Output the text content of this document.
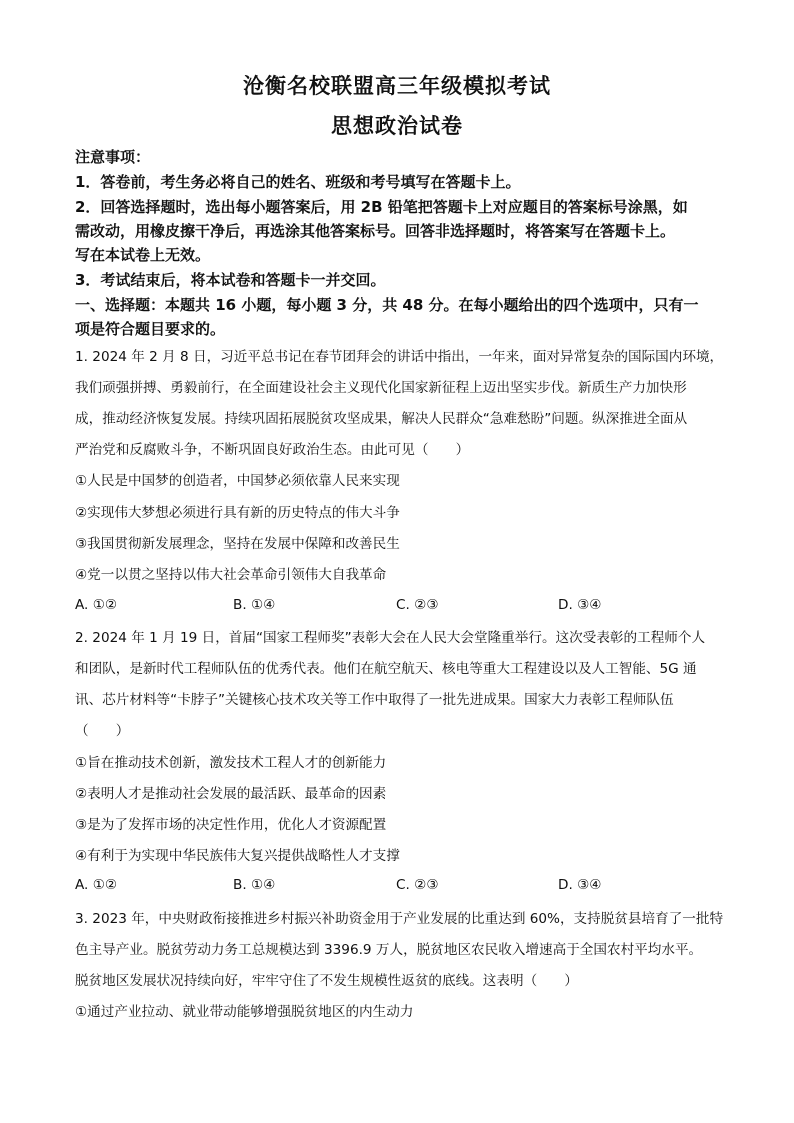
沧衡名校联盟高三年级模拟考试
思想政治试卷
注意事项：
1．答卷前，考生务必将自己的姓名、班级和考号填写在答题卡上。
2．回答选择题时，选出每小题答案后，用 2B 铅笔把答题卡上对应题目的答案标号涂黑，如
需改动，用橡皮擦干净后，再选涂其他答案标号。回答非选择题时，将答案写在答题卡上。
写在本试卷上无效。
3．考试结束后，将本试卷和答题卡一并交回。
一、选择题：本题共 16 小题，每小题 3 分，共 48 分。在每小题给出的四个选项中，只有一
项是符合题目要求的。
1. 2024 年 2 月 8 日，习近平总书记在春节团拜会的讲话中指出，一年来，面对异常复杂的国际国内环境，
我们顽强拼搏、勇毅前行，在全面建设社会主义现代化国家新征程上迈出坚实步伐。新质生产力加快形
成，推动经济恢复发展。持续巩固拓展脱贫攻坚成果，解决人民群众“急难愁盼”问题。纵深推进全面从
严治党和反腐败斗争，不断巩固良好政治生态。由此可见（　　）
①人民是中国梦的创造者，中国梦必须依靠人民来实现
②实现伟大梦想必须进行具有新的历史特点的伟大斗争
③我国贯彻新发展理念，坚持在发展中保障和改善民生
④党一以贯之坚持以伟大社会革命引领伟大自我革命
A. ①②	B. ①④	C. ②③	D. ③④
2. 2024 年 1 月 19 日，首届“国家工程师奖”表彰大会在人民大会堂隆重举行。这次受表彰的工程师个人
和团队，是新时代工程师队伍的优秀代表。他们在航空航天、核电等重大工程建设以及人工智能、5G 通
讯、芯片材料等“卡脖子”关键核心技术攻关等工作中取得了一批先进成果。国家大力表彰工程师队伍
（　　）
①旨在推动技术创新，激发技术工程人才的创新能力
②表明人才是推动社会发展的最活跃、最革命的因素
③是为了发挥市场的决定性作用，优化人才资源配置
④有利于为实现中华民族伟大复兴提供战略性人才支撑
A. ①②	B. ①④	C. ②③	D. ③④
3. 2023 年，中央财政衔接推进乡村振兴补助资金用于产业发展的比重达到 60%，支持脱贫县培育了一批特
色主导产业。脱贫劳动力务工总规模达到 3396.9 万人，脱贫地区农民收入增速高于全国农村平均水平。
脱贫地区发展状况持续向好，牢牢守住了不发生规模性返贫的底线。这表明（　　）
①通过产业拉动、就业带动能够增强脱贫地区的内生动力
